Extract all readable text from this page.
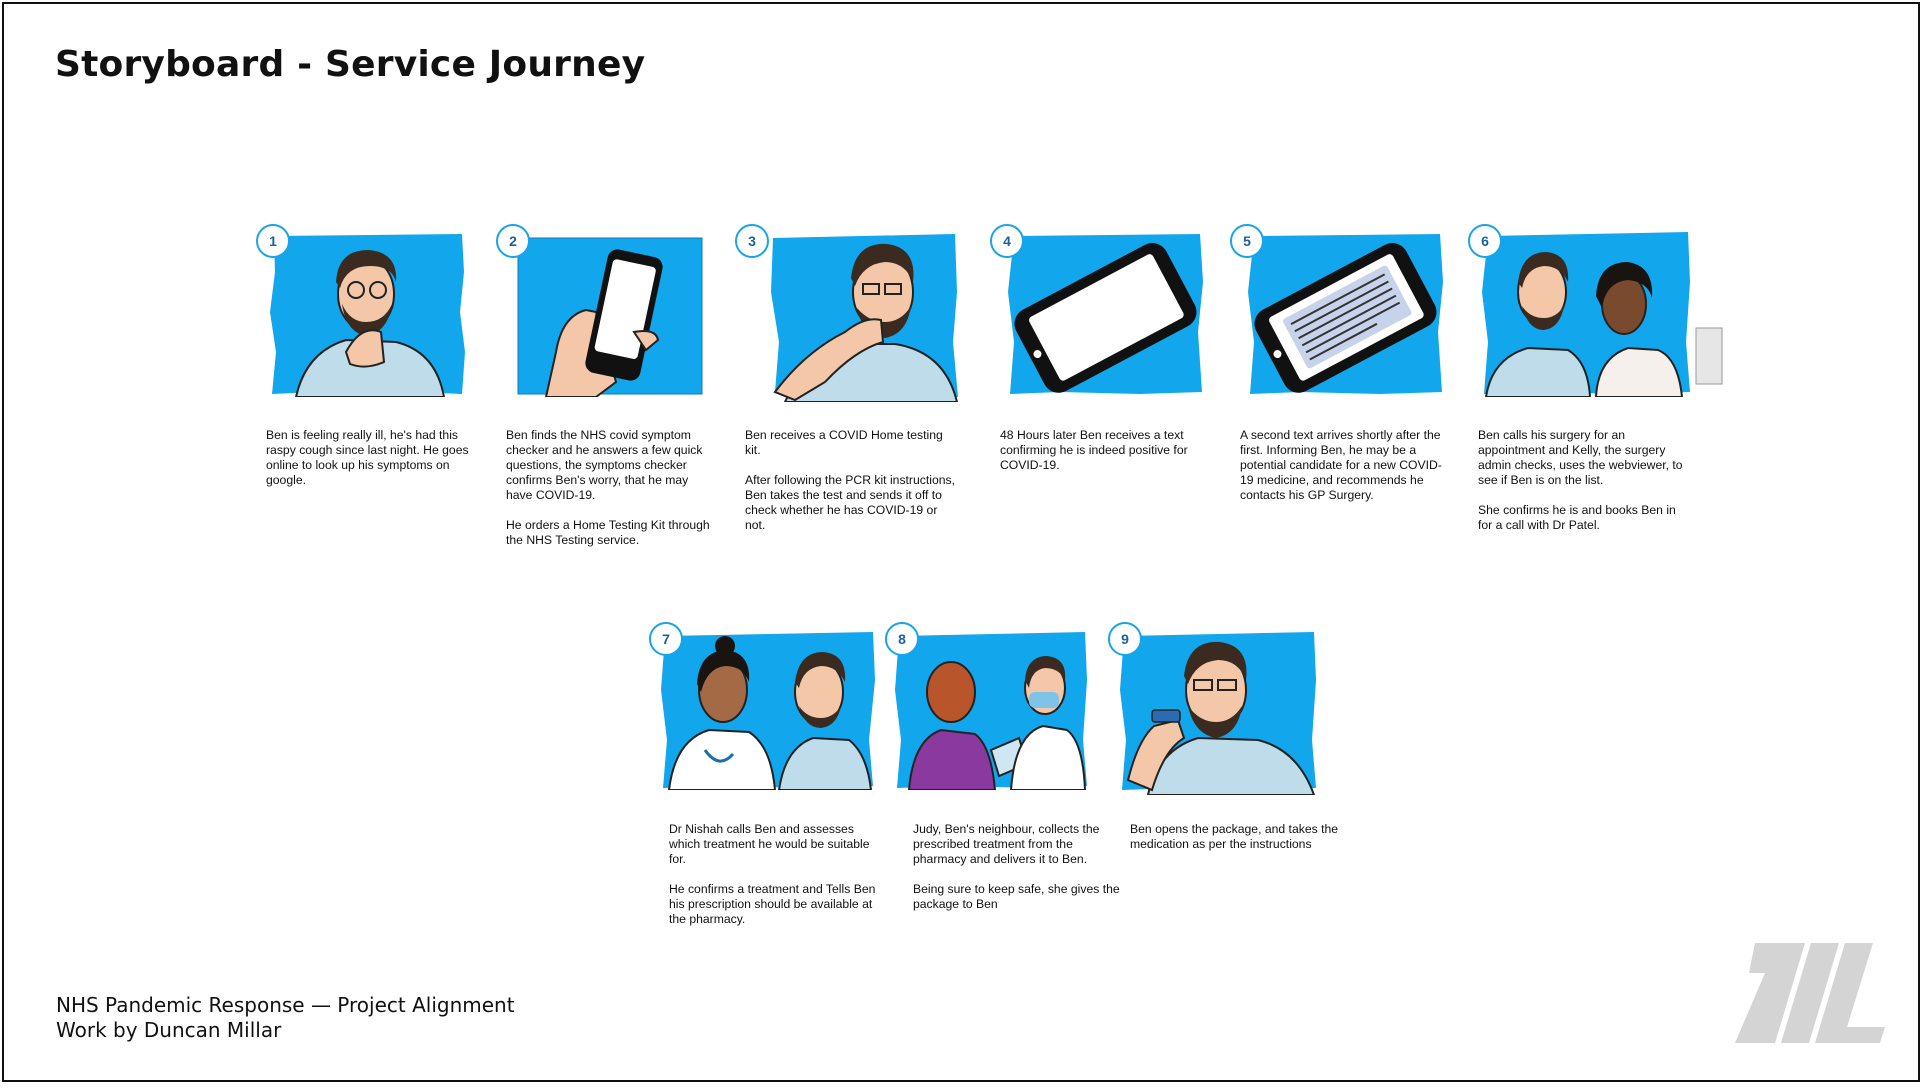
Storyboard - Service Journey
1

Ben is feeling really ill, he's had this raspy cough since last night. He goes online to look up his symptoms on google.

2

Ben finds the NHS covid symptom checker and he answers a few quick questions, the symptoms checker confirms Ben's worry, that he may have COVID-19.

He orders a Home Testing Kit through the NHS Testing service.

3

Ben receives a COVID Home testing kit.

After following the PCR kit instructions, Ben takes the test and sends it off to check whether he has COVID-19 or not.

4

48 Hours later Ben receives a text confirming he is indeed positive for COVID-19.

5

A second text arrives shortly after the first. Informing Ben, he may be a potential candidate for a new COVID-19 medicine, and recommends he contacts his GP Surgery.

6

Ben calls his surgery for an appointment and Kelly, the surgery admin checks, uses the webviewer, to see if Ben is on the list.

She confirms he is and books Ben in for a call with Dr Patel.

7

Dr Nishah calls Ben and assesses which treatment he would be suitable for.

He confirms a treatment and Tells Ben his prescription should be available at the pharmacy.

8

Judy, Ben's neighbour, collects the prescribed treatment from the pharmacy and delivers it to Ben.

Being sure to keep safe, she gives the package to Ben

9

Ben opens the package, and takes the medication as per the instructions

NHS Pandemic Response — Project Alignment
Work by Duncan Millar
